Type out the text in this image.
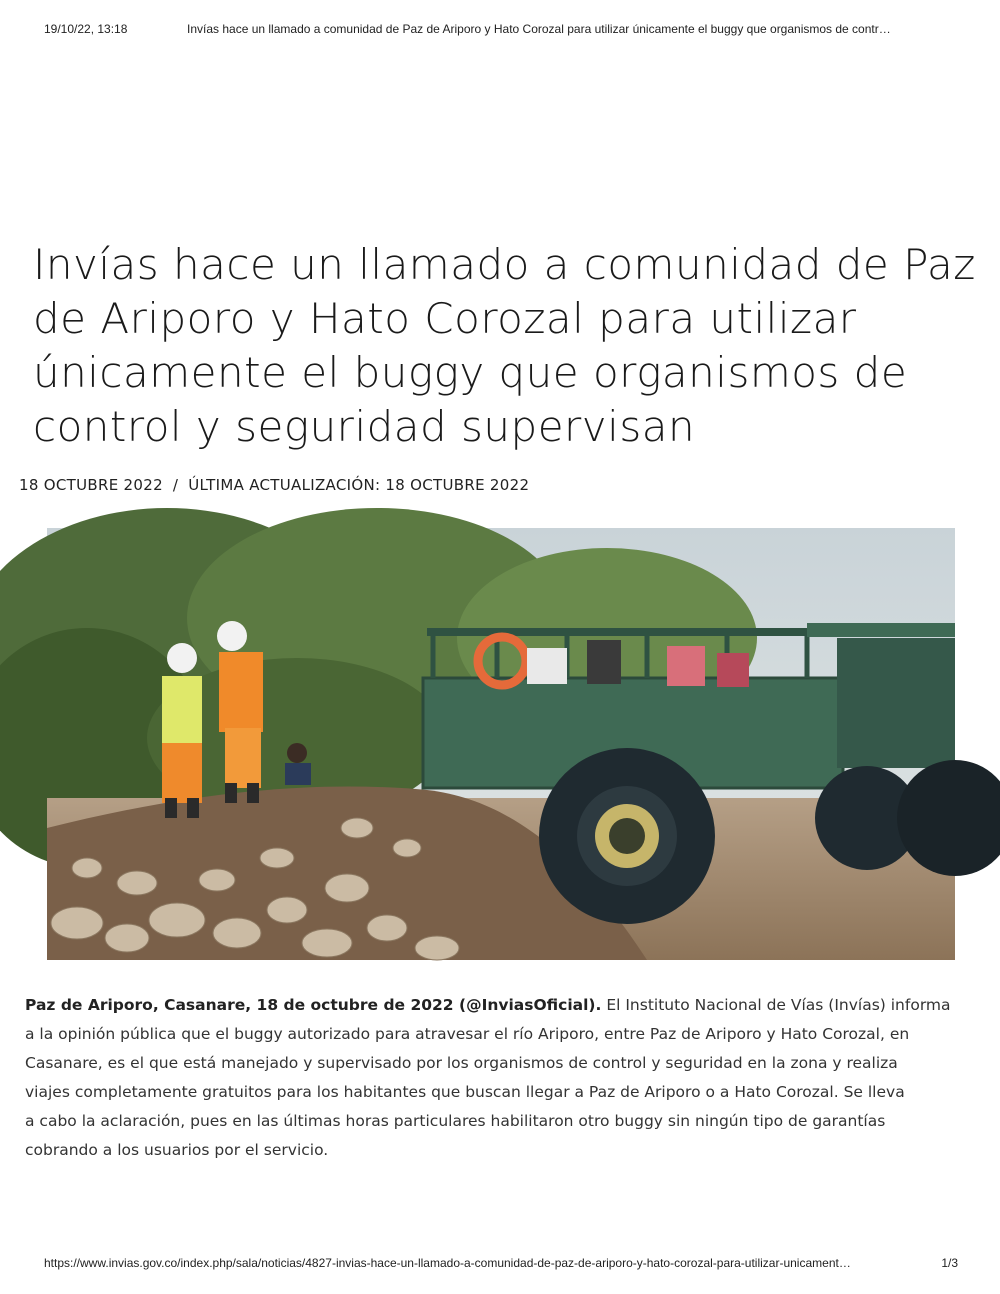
19/10/22, 13:18	Invías hace un llamado a comunidad de Paz de Ariporo y Hato Corozal para utilizar únicamente el buggy que organismos de contr…
Invías hace un llamado a comunidad de Paz
de Ariporo y Hato Corozal para utilizar
únicamente el buggy que organismos de
control y seguridad supervisan
18 OCTUBRE 2022 / ÚLTIMA ACTUALIZACIÓN: 18 OCTUBRE 2022
Paz de Ariporo, Casanare, 18 de octubre de 2022 (@InviasOficial). El Instituto Nacional de Vías (Invías) informa
a la opinión pública que el buggy autorizado para atravesar el río Ariporo, entre Paz de Ariporo y Hato Corozal, en
Casanare, es el que está manejado y supervisado por los organismos de control y seguridad en la zona y realiza
viajes completamente gratuitos para los habitantes que buscan llegar a Paz de Ariporo o a Hato Corozal. Se lleva
a cabo la aclaración, pues en las últimas horas particulares habilitaron otro buggy sin ningún tipo de garantías
cobrando a los usuarios por el servicio.
https://www.invias.gov.co/index.php/sala/noticias/4827-invias-hace-un-llamado-a-comunidad-de-paz-de-ariporo-y-hato-corozal-para-utilizar-unicament…	1/3
